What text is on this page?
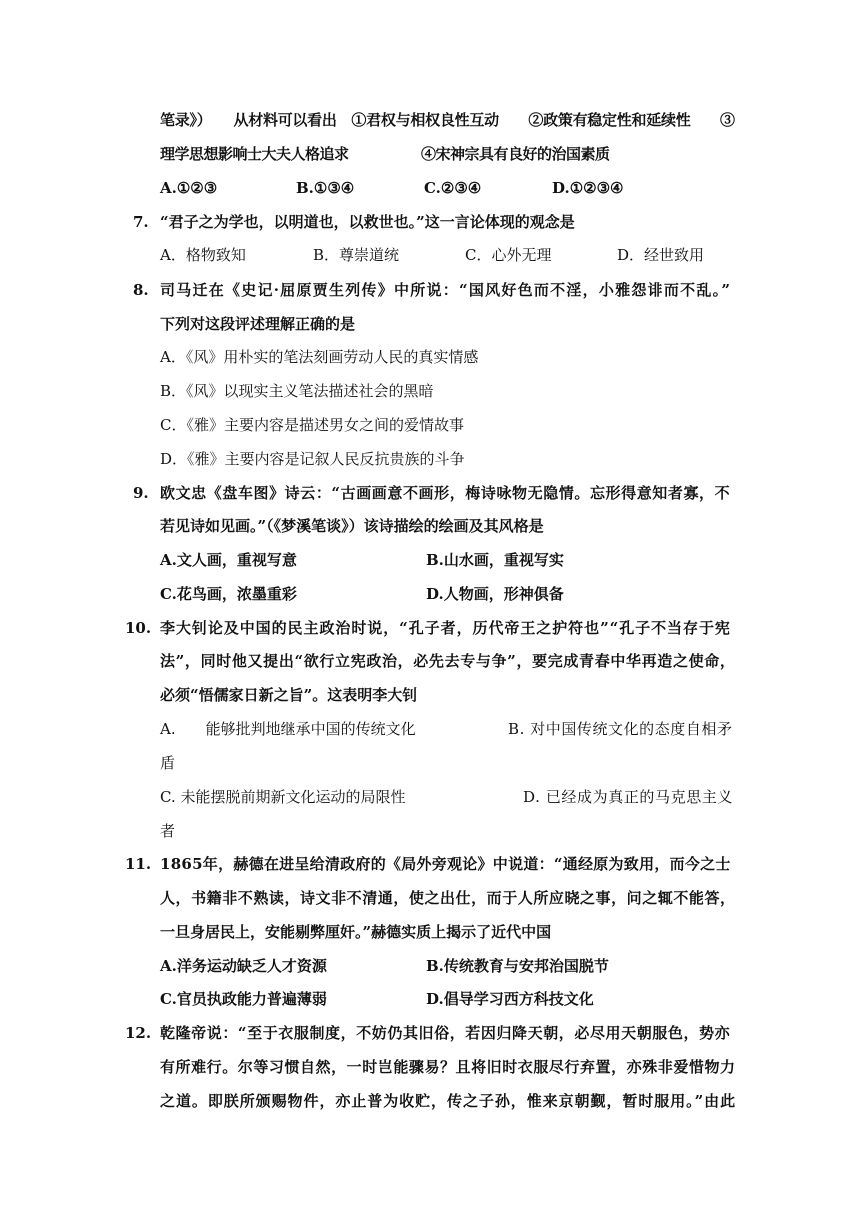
笔录》）　　从材料可以看出　①君权与相权良性互动　　②政策有稳定性和延续性　　③
理学思想影响士大夫人格追求　　　　　④宋神宗具有良好的治国素质
A.①②③	B.①③④	C.②③④	D.①②③④
7. “君子之为学也，以明道也，以救世也。”这一言论体现的观念是
A．格物致知	B．尊崇道统	C．心外无理	D．经世致用
8. 司马迁在《史记·屈原贾生列传》中所说：“国风好色而不淫，小雅怨诽而不乱。”
下列对这段评述理解正确的是
A．《风》用朴实的笔法刻画劳动人民的真实情感
B．《风》以现实主义笔法描述社会的黑暗
C．《雅》主要内容是描述男女之间的爱情故事
D．《雅》主要内容是记叙人民反抗贵族的斗争
9. 欧文忠《盘车图》诗云：“古画画意不画形，梅诗咏物无隐情。忘形得意知者寡，不
若见诗如见画。”（《梦溪笔谈》）该诗描绘的绘画及其风格是
A.文人画，重视写意	B.山水画，重视写实
C.花鸟画，浓墨重彩	D.人物画，形神俱备
10. 李大钊论及中国的民主政治时说，“孔子者，历代帝王之护符也”“孔子不当存于宪
法”，同时他又提出“欲行立宪政治，必先去专与争”，要完成青春中华再造之使命，
必须“悟儒家日新之旨”。这表明李大钊
A.　　能够批判地继承中国的传统文化	B. 对中国传统文化的态度自相矛
盾
C. 未能摆脱前期新文化运动的局限性	D. 已经成为真正的马克思主义
者
11. 1865年，赫德在进呈给清政府的《局外旁观论》中说道：“通经原为致用，而今之士
人，书籍非不熟读，诗文非不清通，使之出仕，而于人所应晓之事，问之辄不能答，
一旦身居民上，安能剔弊厘奸。”赫德实质上揭示了近代中国
A.洋务运动缺乏人才资源	B.传统教育与安邦治国脱节
C.官员执政能力普遍薄弱	D.倡导学习西方科技文化
12. 乾隆帝说：“至于衣服制度，不妨仍其旧俗，若因归降天朝，必尽用天朝服色，势亦
有所难行。尔等习惯自然，一时岂能骤易？且将旧时衣服尽行弃置，亦殊非爱惜物力
之道。即朕所颁赐物件，亦止普为收贮，传之子孙，惟来京朝觐，暂时服用。”由此
